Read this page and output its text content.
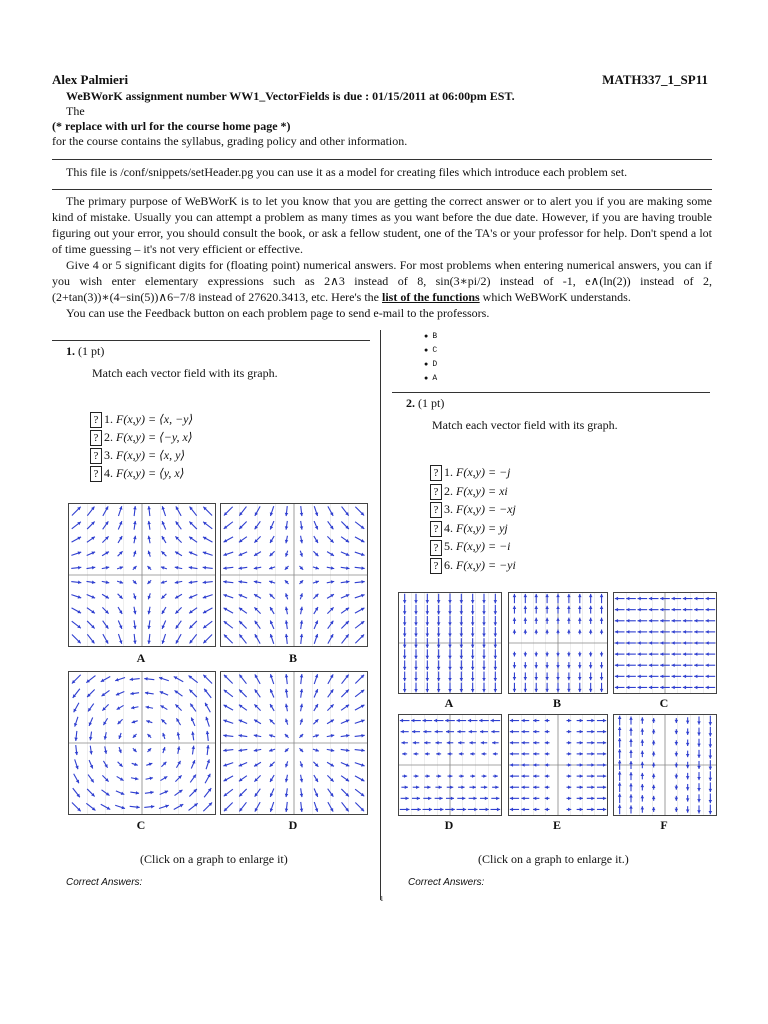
Alex Palmieri	MATH337_1_SP11
WeBWorK assignment number WW1_VectorFields is due : 01/15/2011 at 06:00pm EST.
The
(* replace with url for the course home page *)
for the course contains the syllabus, grading policy and other information.
This file is /conf/snippets/setHeader.pg you can use it as a model for creating files which introduce each problem set.

The primary purpose of WeBWorK is to let you know that you are getting the correct answer or to alert you if you are making some kind of mistake. Usually you can attempt a problem as many times as you want before the due date. However, if you are having trouble figuring out your error, you should consult the book, or ask a fellow student, one of the TA's or your professor for help. Don't spend a lot of time guessing – it's not very efficient or effective.

Give 4 or 5 significant digits for (floating point) numerical answers. For most problems when entering numerical answers, you can if you wish enter elementary expressions such as 2∧3 instead of 8, sin(3∗pi/2) instead of -1, e∧(ln(2)) instead of 2, (2+tan(3))∗(4−sin(5))∧6−7/8 instead of 27620.3413, etc. Here's the list of the functions which WeBWorK understands.

You can use the Feedback button on each problem page to send e-mail to the professors.

1. (1 pt)
Match each vector field with its graph.
? 1. F(x,y) = ⟨x, −y⟩
? 2. F(x,y) = ⟨−y, x⟩
? 3. F(x,y) = ⟨x, y⟩
? 4. F(x,y) = ⟨y, x⟩
A	B
C	D
(Click on a graph to enlarge it)
Correct Answers:
● B
● C
● D
● A
2. (1 pt)
Match each vector field with its graph.
? 1. F(x,y) = −j
? 2. F(x,y) = xi
? 3. F(x,y) = −xj
? 4. F(x,y) = yj
? 5. F(x,y) = −i
? 6. F(x,y) = −yi
A	B	C
D	E	F
(Click on a graph to enlarge it.)
Correct Answers:
1
